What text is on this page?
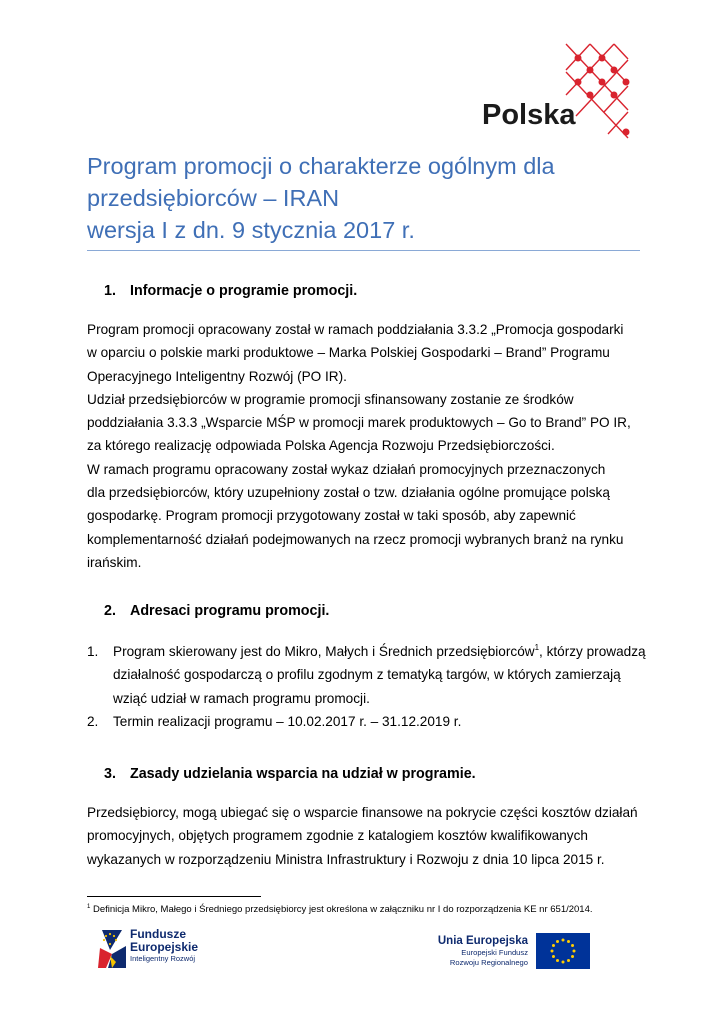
Polska
Program promocji o charakterze ogólnym dla
przedsiębiorców – IRAN
wersja I z dn. 9 stycznia 2017 r.
1. Informacje o programie promocji.
Program promocji opracowany został w ramach poddziałania 3.3.2 „Promocja gospodarki
w oparciu o polskie marki produktowe – Marka Polskiej Gospodarki – Brand” Programu
Operacyjnego Inteligentny Rozwój (PO IR).
Udział przedsiębiorców w programie promocji sfinansowany zostanie ze środków
poddziałania 3.3.3 „Wsparcie MŚP w promocji marek produktowych – Go to Brand” PO IR,
za którego realizację odpowiada Polska Agencja Rozwoju Przedsiębiorczości.
W ramach programu opracowany został wykaz działań promocyjnych przeznaczonych
dla przedsiębiorców, który uzupełniony został o tzw. działania ogólne promujące polską
gospodarkę. Program promocji przygotowany został w taki sposób, aby zapewnić
komplementarność działań podejmowanych na rzecz promocji wybranych branż na rynku
irańskim.
2. Adresaci programu promocji.
1. Program skierowany jest do Mikro, Małych i Średnich przedsiębiorców$^1$, którzy prowadzą
działalność gospodarczą o profilu zgodnym z tematyką targów, w których zamierzają
wziąć udział w ramach programu promocji.
2. Termin realizacji programu – 10.02.2017 r. – 31.12.2019 r.
3. Zasady udzielania wsparcia na udział w programie.
Przedsiębiorcy, mogą ubiegać się o wsparcie finansowe na pokrycie części kosztów działań
promocyjnych, objętych programem zgodnie z katalogiem kosztów kwalifikowanych
wykazanych w rozporządzeniu Ministra Infrastruktury i Rozwoju z dnia 10 lipca 2015 r.
$^1$ Definicja Mikro, Małego i Średniego przedsiębiorcy jest określona w załączniku nr I do rozporządzenia KE nr 651/2014.
Fundusze
Europejskie
Inteligentny Rozwój
Unia Europejska
Europejski Fundusz
Rozwoju Regionalnego
